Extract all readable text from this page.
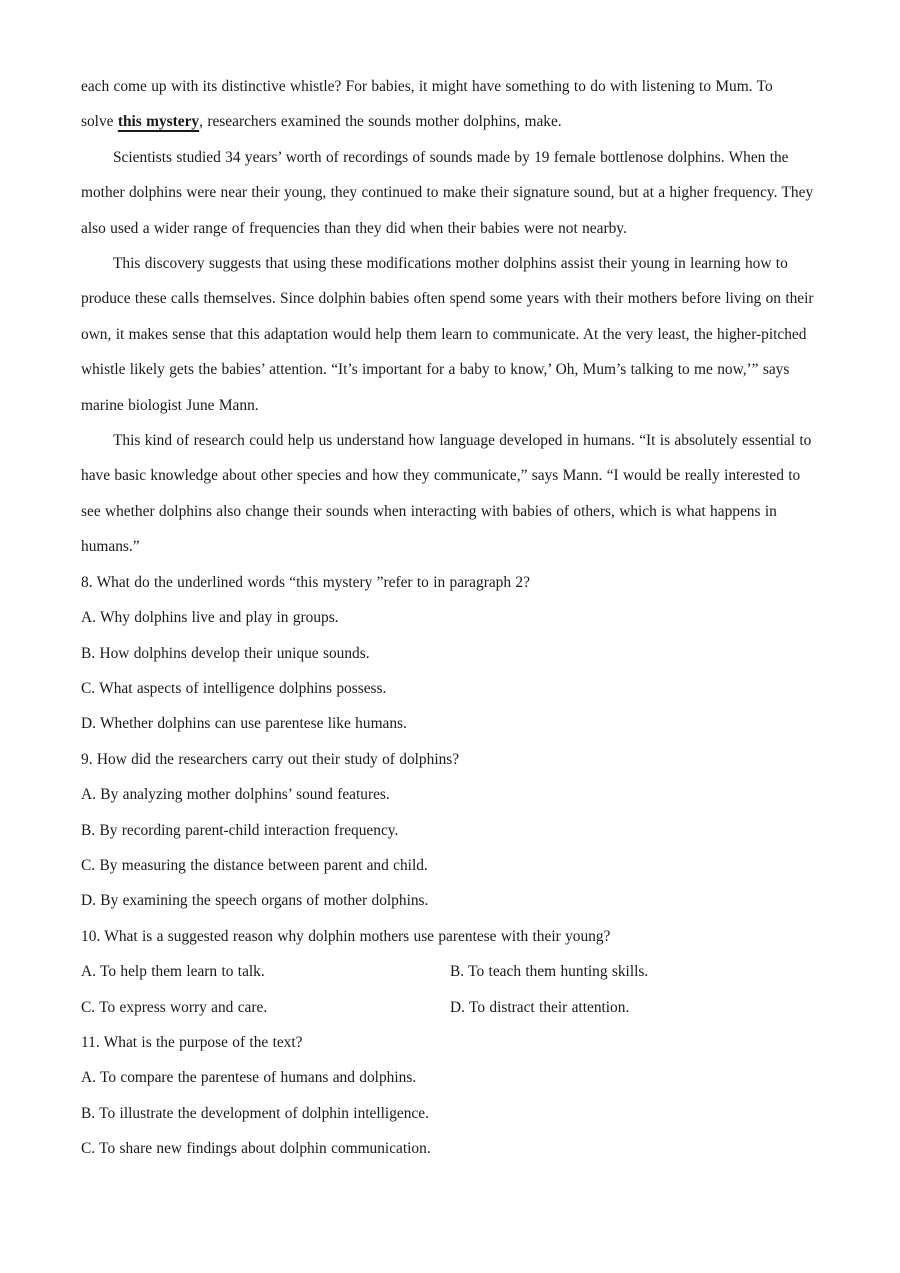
each come up with its distinctive whistle? For babies, it might have something to do with listening to Mum. To
solve this mystery, researchers examined the sounds mother dolphins, make.
Scientists studied 34 years’ worth of recordings of sounds made by 19 female bottlenose dolphins. When the
mother dolphins were near their young, they continued to make their signature sound, but at a higher frequency. They
also used a wider range of frequencies than they did when their babies were not nearby.
This discovery suggests that using these modifications mother dolphins assist their young in learning how to
produce these calls themselves. Since dolphin babies often spend some years with their mothers before living on their
own, it makes sense that this adaptation would help them learn to communicate. At the very least, the higher-pitched
whistle likely gets the babies’ attention. “It’s important for a baby to know,’ Oh, Mum’s talking to me now,’” says
marine biologist June Mann.
This kind of research could help us understand how language developed in humans. “It is absolutely essential to
have basic knowledge about other species and how they communicate,” says Mann. “I would be really interested to
see whether dolphins also change their sounds when interacting with babies of others, which is what happens in
humans.”
8. What do the underlined words “this mystery ”refer to in paragraph 2?
A. Why dolphins live and play in groups.
B. How dolphins develop their unique sounds.
C. What aspects of intelligence dolphins possess.
D. Whether dolphins can use parentese like humans.
9. How did the researchers carry out their study of dolphins?
A. By analyzing mother dolphins’ sound features.
B. By recording parent-child interaction frequency.
C. By measuring the distance between parent and child.
D. By examining the speech organs of mother dolphins.
10. What is a suggested reason why dolphin mothers use parentese with their young?
A. To help them learn to talk.	B. To teach them hunting skills.
C. To express worry and care.	D. To distract their attention.
11. What is the purpose of the text?
A. To compare the parentese of humans and dolphins.
B. To illustrate the development of dolphin intelligence.
C. To share new findings about dolphin communication.
